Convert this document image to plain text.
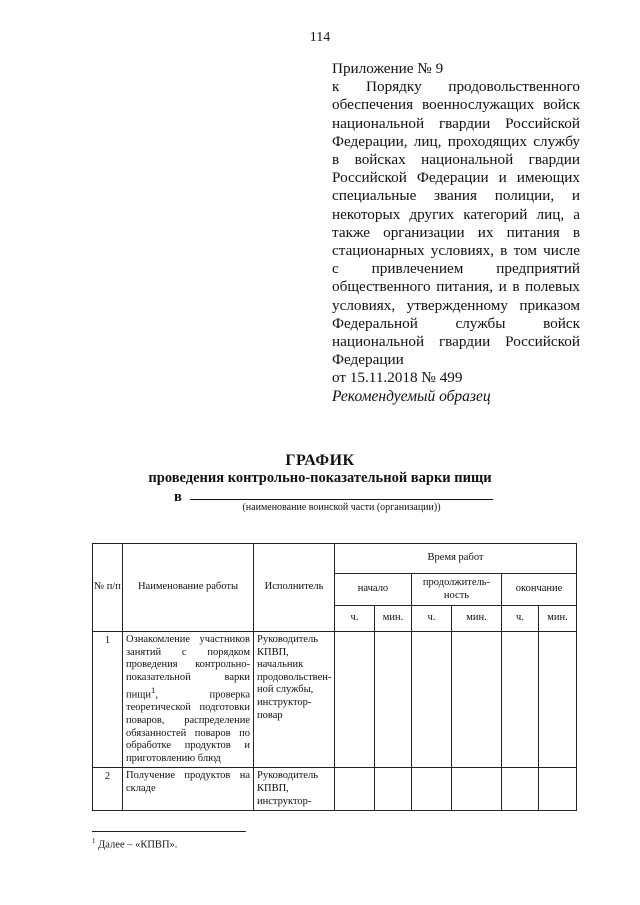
114

Приложение № 9

к Порядку продовольственного

обеспечения военнослужащих войск

национальной гвардии Российской

Федерации, лиц, проходящих службу

в войсках национальной гвардии

Российской Федерации и имеющих

специальные звания полиции, и

некоторых других категорий лиц, а

также организации их питания в

стационарных условиях, в том числе

с привлечением предприятий

общественного питания, и в полевых

условиях, утвержденному приказом

Федеральной службы войск

национальной гвардии Российской

Федерации

от 15.11.2018 № 499

Рекомендуемый образец
ГРАФИК
проведения контрольно-показательной варки пищи
в
(наименование воинской части (организации))
№ п/п	Наименование работы	Исполнитель	Время работ					
			начало		продолжитель-ность		окончание	
			ч.	мин.	ч.	мин.	ч.	мин.
1	Ознакомление участников занятий с порядком проведения контрольно-показательной варки пищи$^1$, проверка теоретической подготовки поваров, распределение обязанностей поваров по обработке продуктов и приготовлению блюд	Руководитель КПВП, начальник продовольствен-ной службы, инструктор-повар						
2	Получение продуктов на складе	Руководитель КПВП, инструктор-						
$^1$ Далее – «КПВП».
